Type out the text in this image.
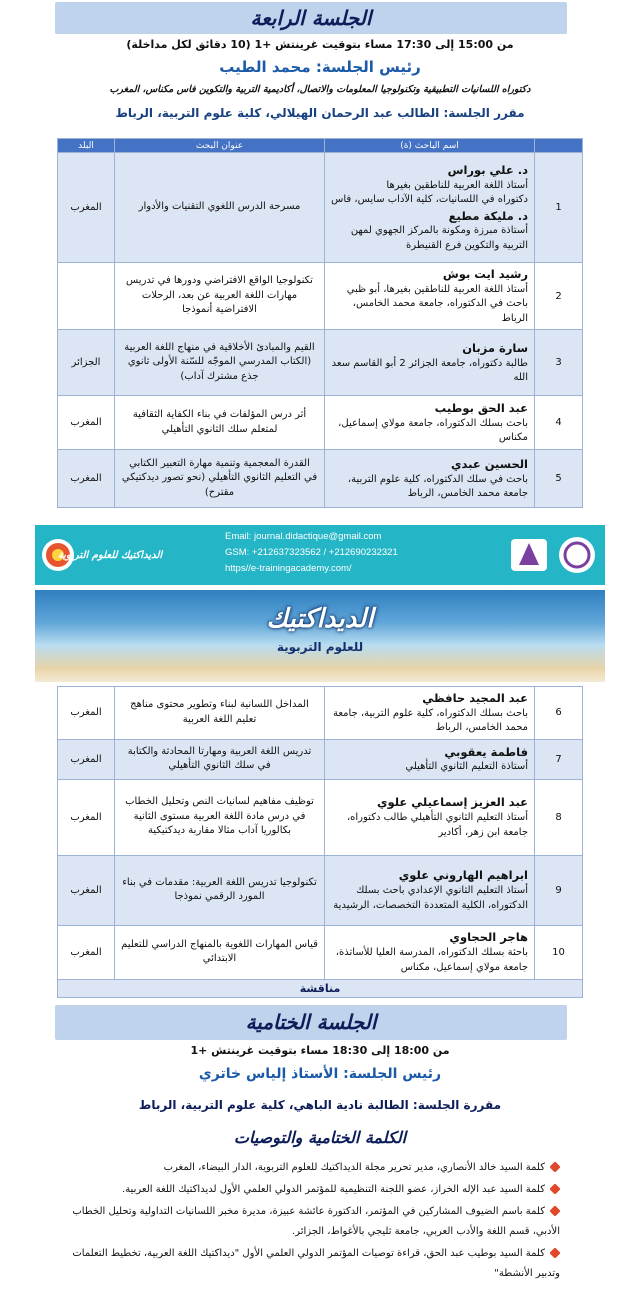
الجلسة الرابعة
من 15:00 إلى 17:30 مساء بتوقيت غرينتش +1 (10 دقائق لكل مداخلة)
رئيس الجلسة: محمد الطيب
دكتوراه اللسانيات التطبيقية وتكنولوجيا المعلومات والاتصال، أكاديمية التربية والتكوين فاس مكناس، المغرب
مقرر الجلسة: الطالب عبد الرحمان الهيلالي، كلية علوم التربية، الرباط
	اسم الباحث (ة)	عنوان البحث	البلد
1	د. علي بوراس
أستاذ اللغة العربية للناطقين بغيرها
دكتوراه في اللسانيات، كلية الآداب سايس، فاس
د. مليكة مطيع
أستاذة مبرزة ومكونة بالمركز الجهوي لمهن التربية والتكوين فرع القنيطرة	مسرحة الدرس اللغوي التقنيات والأدوار	المغرب
2	رشيد ايت بوش
أستاذ اللغة العربية للناطقين بغيرها، أبو ظبي باحث في الدكتوراه، جامعة محمد الخامس، الرباط	تكنولوجيا الواقع الافتراضي ودورها في تدريس مهارات اللغة العربية عن بعد، الرحلات الافتراضية أنموذجا	
3	سارة مزبان
طالبة دكتوراه، جامعة الجزائر 2 أبو القاسم سعد الله	القيم والمبادئ الأخلاقية في منهاج اللغة العربية (الكتاب المدرسي الموجّه للسّنة الأولى ثانوي جذع مشترك آداب)	الجزائر
4	عبد الحق بوطيب
باحث بسلك الدكتوراه، جامعة مولاي إسماعيل، مكناس	أثر درس المؤلفات في بناء الكفاية الثقافية لمتعلم سلك الثانوي التأهيلي	المغرب
5	الحسين عبدي
باحث في سلك الدكتوراه، كلية علوم التربية، جامعة محمد الخامس، الرباط	القدرة المعجمية وتنمية مهارة التعبير الكتابي في التعليم الثانوي التأهيلي (نحو تصور ديدكتيكي مقترح)	المغرب
الديداكتيك للعلوم التربوية
Email: journal.didactique@gmail.com
GSM: +212637323562 / +212690232321
https//e-trainingacademy.com/
الديداكتيك
للعلوم التربوية
6	عبد المجيد حافظي
باحث بسلك الدكتوراه، كلية علوم التربية، جامعة محمد الخامس، الرباط	المداخل اللسانية لبناء وتطوير محتوى مناهج تعليم اللغة العربية	المغرب
7	فاطمة يعقوبي
أستاذة التعليم الثانوي التأهيلي	تدريس اللغة العربية ومهارتا المحادثة والكتابة في سلك الثانوي التأهيلي	المغرب
8	عبد العزيز إسماعيلي علوي
أستاذ التعليم الثانوي التأهيلي طالب دكتوراه، جامعة ابن زهر، أكادير	توظيف مفاهيم لسانيات النص وتحليل الخطاب في درس مادة اللغة العربية مستوى الثانية بكالوريا آداب مثالا مقاربة ديدكتيكية	المغرب
9	ابراهيم الهاروني علوي
أستاذ التعليم الثانوي الإعدادي باحث بسلك الدكتوراه، الكلية المتعددة التخصصات، الرشيدية	تكنولوجيا تدريس اللغة العربية: مقدمات في بناء المورد الرقمي نموذجا	المغرب
10	هاجر الحجاوي
باحثة بسلك الدكتوراه، المدرسة العليا للأساتذة، جامعة مولاي إسماعيل، مكناس	قياس المهارات اللغوية بالمنهاج الدراسي للتعليم الابتدائي	المغرب
مناقشة			
الجلسة الختامية
من 18:00 إلى 18:30 مساء بتوقيت غرينتش +1
رئيس الجلسة: الأستاذ إلياس خاتري
مقررة الجلسة: الطالبة نادية الباهي، كلية علوم التربية، الرباط
الكلمة الختامية والتوصيات
كلمة السيد خالد الأنصاري، مدير تحرير مجلة الديداكتيك للعلوم التربوية، الدار البيضاء، المغرب
كلمة السيد عبد الإله الخراز، عضو اللجنة التنظيمية للمؤتمر الدولي العلمي الأول لديداكتيك اللغة العربية.
كلمة باسم الضيوف المشاركين في المؤتمر، الدكتورة عائشة عبيزة، مديرة مخبر اللسانيات التداولية وتحليل الخطاب الأدبي، قسم اللغة والأدب العربي، جامعة ثليجي بالأغواط، الجزائر.
كلمة السيد بوطيب عبد الحق، قراءة توصيات المؤتمر الدولي العلمي الأول "ديداكتيك اللغة العربية، تخطيط التعلمات وتدبير الأنشطة"
